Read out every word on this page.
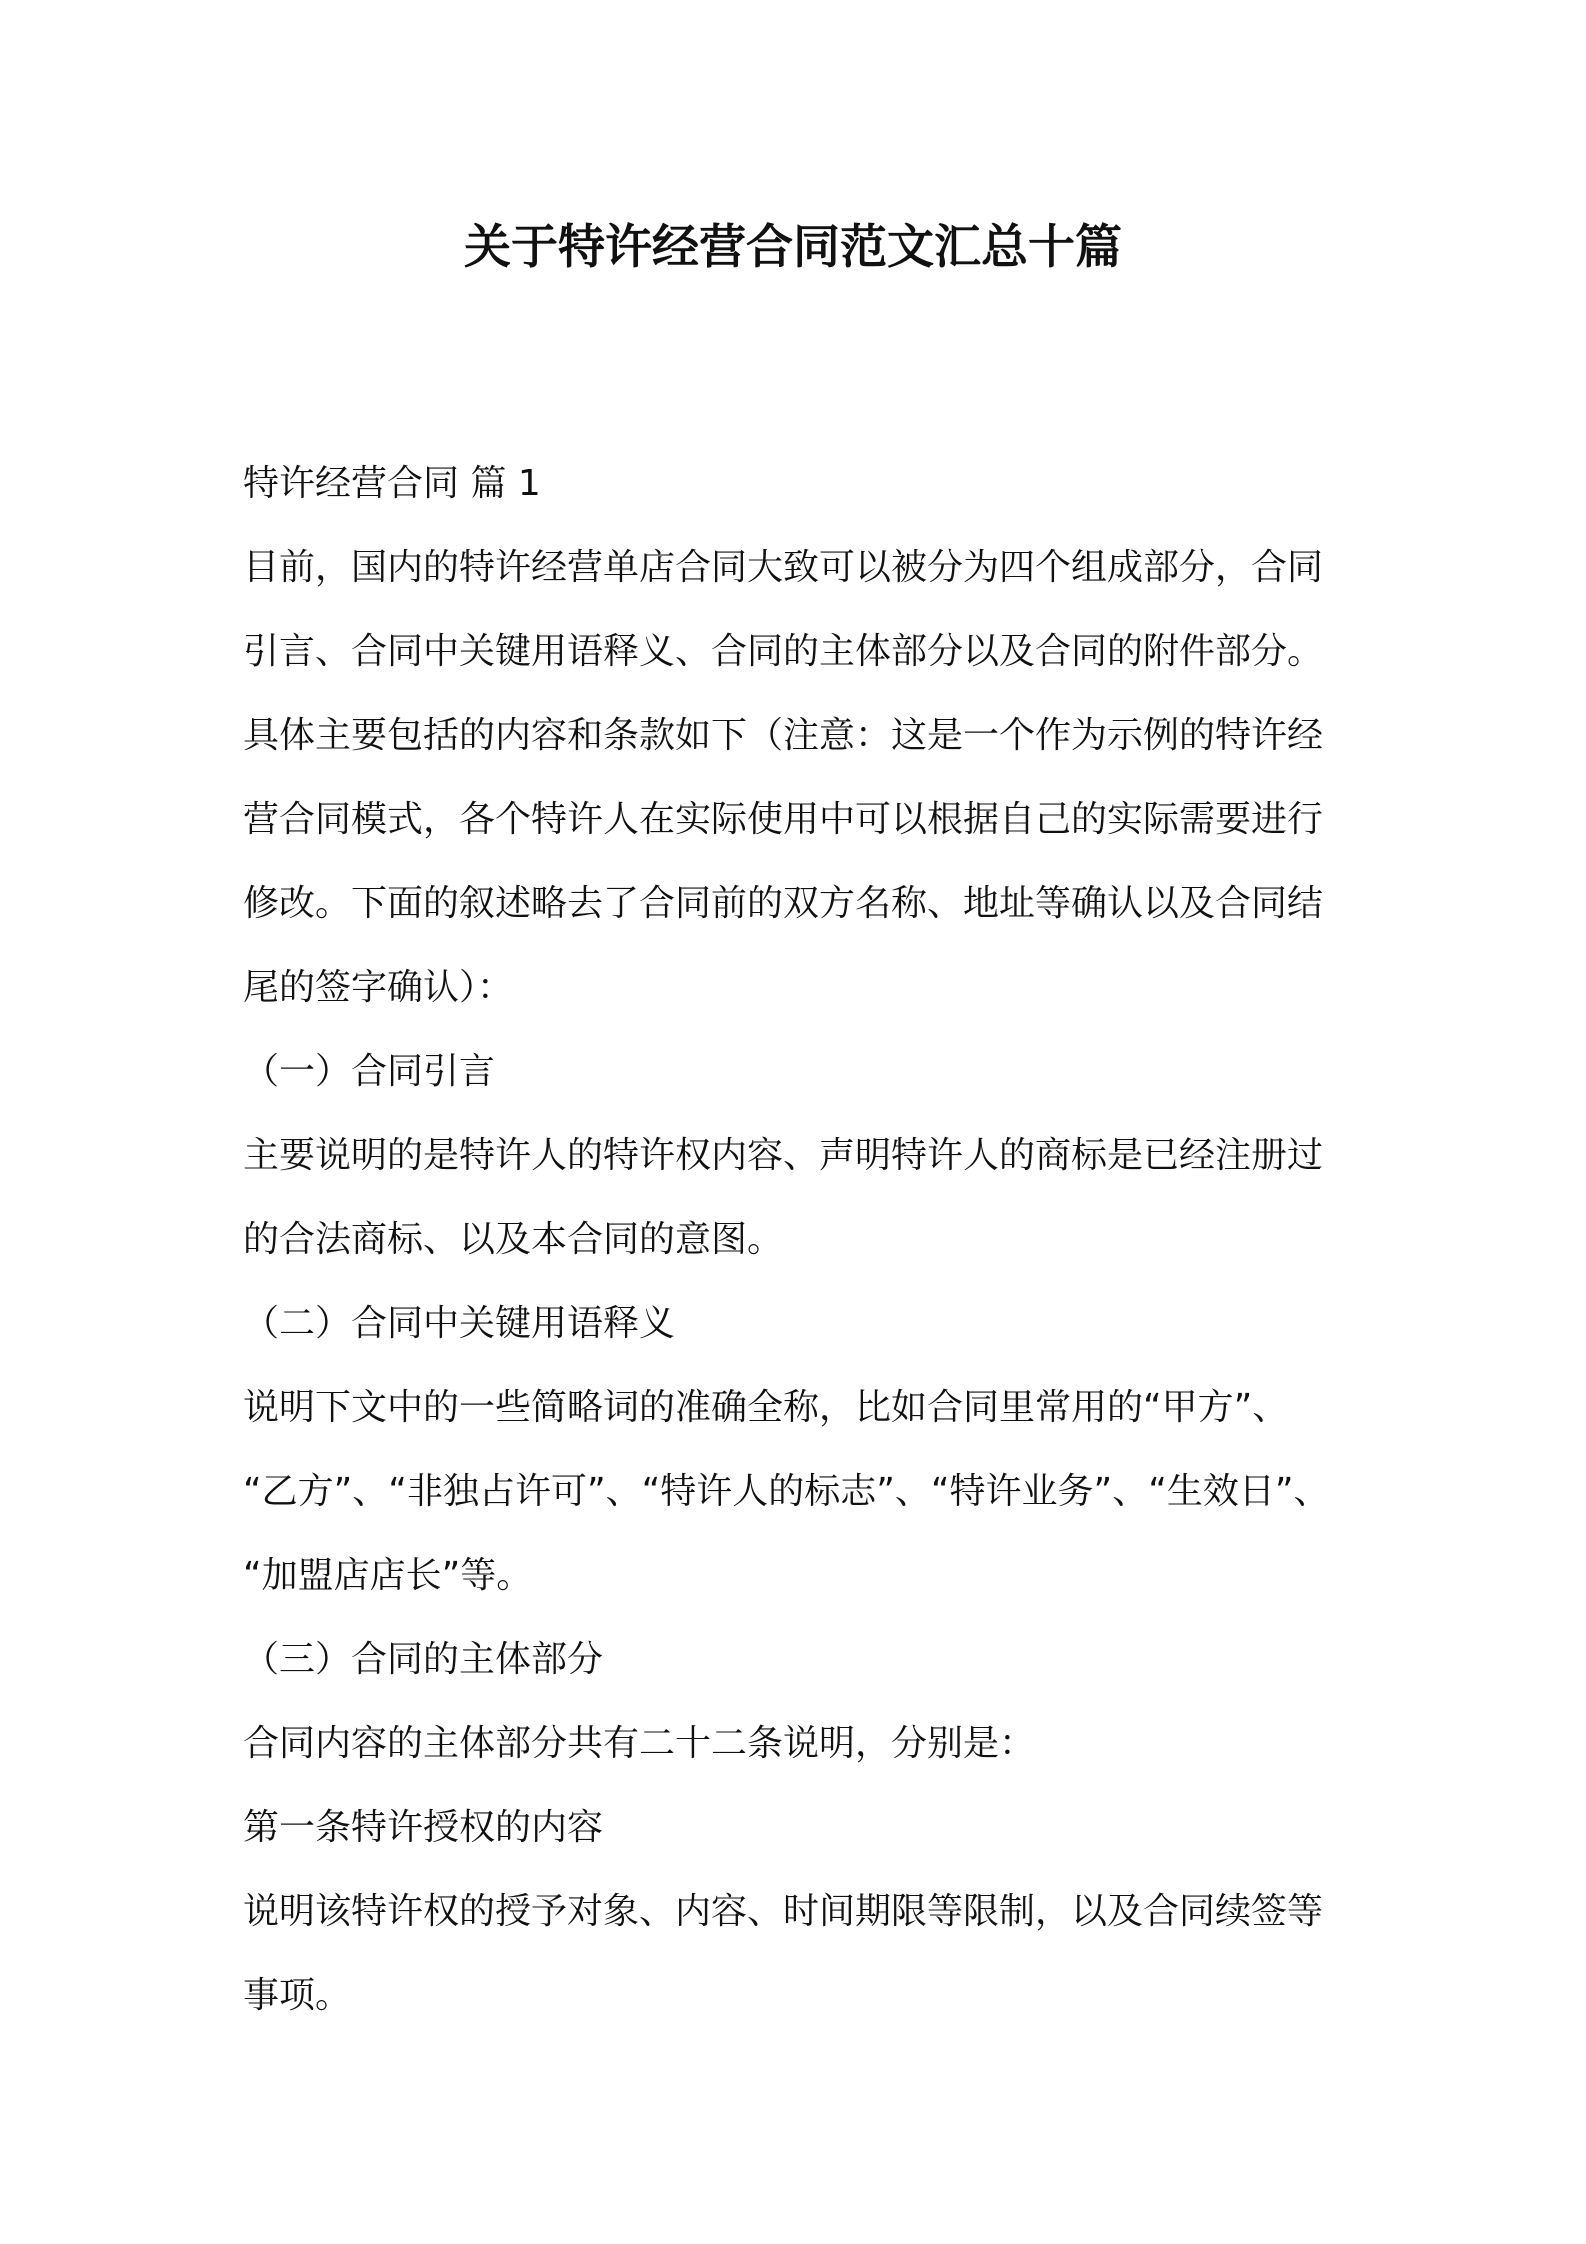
关于特许经营合同范文汇总十篇

特许经营合同 篇 1

目前，国内的特许经营单店合同大致可以被分为四个组成部分，合同

引言、合同中关键用语释义、合同的主体部分以及合同的附件部分。

具体主要包括的内容和条款如下（注意：这是一个作为示例的特许经

营合同模式，各个特许人在实际使用中可以根据自己的实际需要进行

修改。下面的叙述略去了合同前的双方名称、地址等确认以及合同结

尾的签字确认）：

（一）合同引言

主要说明的是特许人的特许权内容、声明特许人的商标是已经注册过

的合法商标、以及本合同的意图。

（二）合同中关键用语释义

说明下文中的一些简略词的准确全称，比如合同里常用的“甲方”、

“乙方”、“非独占许可”、“特许人的标志”、“特许业务”、“生效日”、

“加盟店店长”等。

（三）合同的主体部分

合同内容的主体部分共有二十二条说明，分别是：

第一条特许授权的内容

说明该特许权的授予对象、内容、时间期限等限制，以及合同续签等

事项。
